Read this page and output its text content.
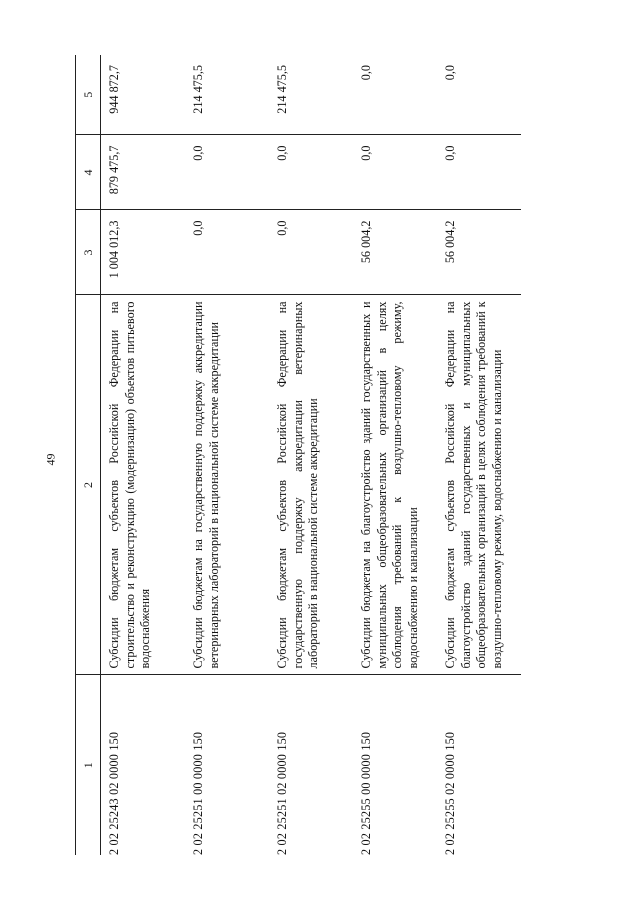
49
1	2	3	4	5
2 02 25243 02 0000 150	Субсидии бюджетам субъектов Российской Федерации на строительство и реконструкцию (модернизацию) объектов питьевого водоснабжения	1 004 012,3	879 475,7	944 872,7
2 02 25251 00 0000 150	Субсидии бюджетам на государственную поддержку аккредитации ветеринарных лабораторий в национальной системе аккредитации	0,0	0,0	214 475,5
2 02 25251 02 0000 150	Субсидии бюджетам субъектов Российской Федерации на государственную поддержку аккредитации ветеринарных лабораторий в национальной системе аккредитации	0,0	0,0	214 475,5
2 02 25255 00 0000 150	Субсидии бюджетам на благоустройство зданий государственных и муниципальных общеобразовательных организаций в целях соблюдения требований к воздушно-тепловому режиму, водоснабжению и канализации	56 004,2	0,0	0,0
2 02 25255 02 0000 150	Субсидии бюджетам субъектов Российской Федерации на благоустройство зданий государственных и муниципальных общеобразовательных организаций в целях соблюдения требований к воздушно-тепловому режиму, водоснабжению и канализации	56 004,2	0,0	0,0
